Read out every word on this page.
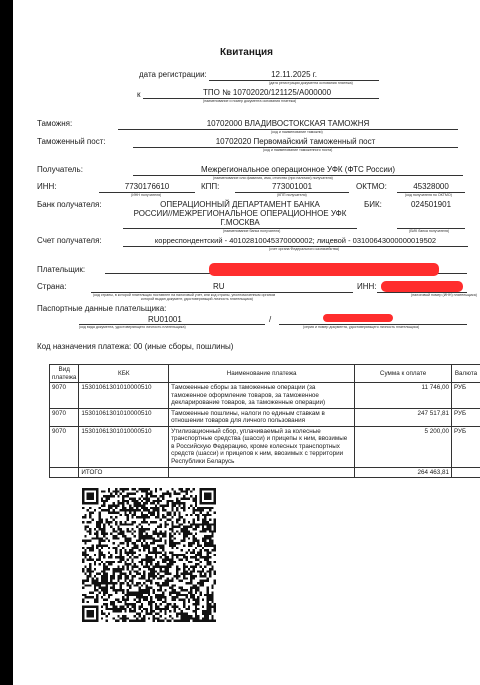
Квитанция
дата регистрации:	12.11.2025 г.
(дата регистрации документа основания платежа)
к	ТПО № 10702020/121125/А000000
(наименование и номер документа основания платежа)
Таможня:	10702000 ВЛАДИВОСТОКСКАЯ ТАМОЖНЯ
(код и наименование таможни)
Таможенный пост:	10702020 Первомайский таможенный пост
(код и наименование таможенного поста)
Получатель:	Межрегиональное операционное УФК (ФТС России)
(наименование или фамилия, имя, отчество (при наличии) получателя)
ИНН:	7730176610
(ИНН получателя)
КПП:	773001001
(КПП получателя)
ОКТМО:	45328000
(код получателя по ОКТМО)
Банк получателя:	ОПЕРАЦИОННЫЙ ДЕПАРТАМЕНТ БАНКА
РОССИИ//МЕЖРЕГИОНАЛЬНОЕ ОПЕРАЦИОННОЕ УФК
Г.МОСКВА
(наименование банка получателя)
БИК:	024501901
(БИК банка получателя)
Счет получателя:	корреспондентский - 40102810045370000002; лицевой - 03100643000000019502
(счет органа Федерального казначейства)
Плательщик:
Страна:	RU
(код страны, в которой плательщик поставлен на налоговый учет, или код страны, уполномоченным органом
которой выдан документ, удостоверяющий личность плательщика)
ИНН:
(налоговый номер (ИНН) плательщика)
Паспортные данные плательщика:
RU01001	/
(код вида документа, удостоверяющего личность плательщика)	(серия и номер документа, удостоверяющего личность плательщика)
Код назначения платежа: 00 (иные сборы, пошлины)
Вид платежа	КБК	Наименование платежа	Сумма к оплате	Валюта
9070	15301061301010000510	Таможенные сборы за таможенные операции (за таможенное оформление товаров, за таможенное декларирование товаров, за таможенные операции)	11 746,00	РУБ
9070	15301061301010000510	Таможенные пошлины, налоги по единым ставкам в отношении товаров для личного пользования	247 517,81	РУБ
9070	15301061301010000510	Утилизационный сбор, уплачиваемый за колесные транспортные средства (шасси) и прицепы к ним, ввозимые в Российскую Федерацию, кроме колесных транспортных средств (шасси) и прицепов к ним, ввозимых с территории Республики Беларусь	5 200,00	РУБ
	ИТОГО		264 463,81	
